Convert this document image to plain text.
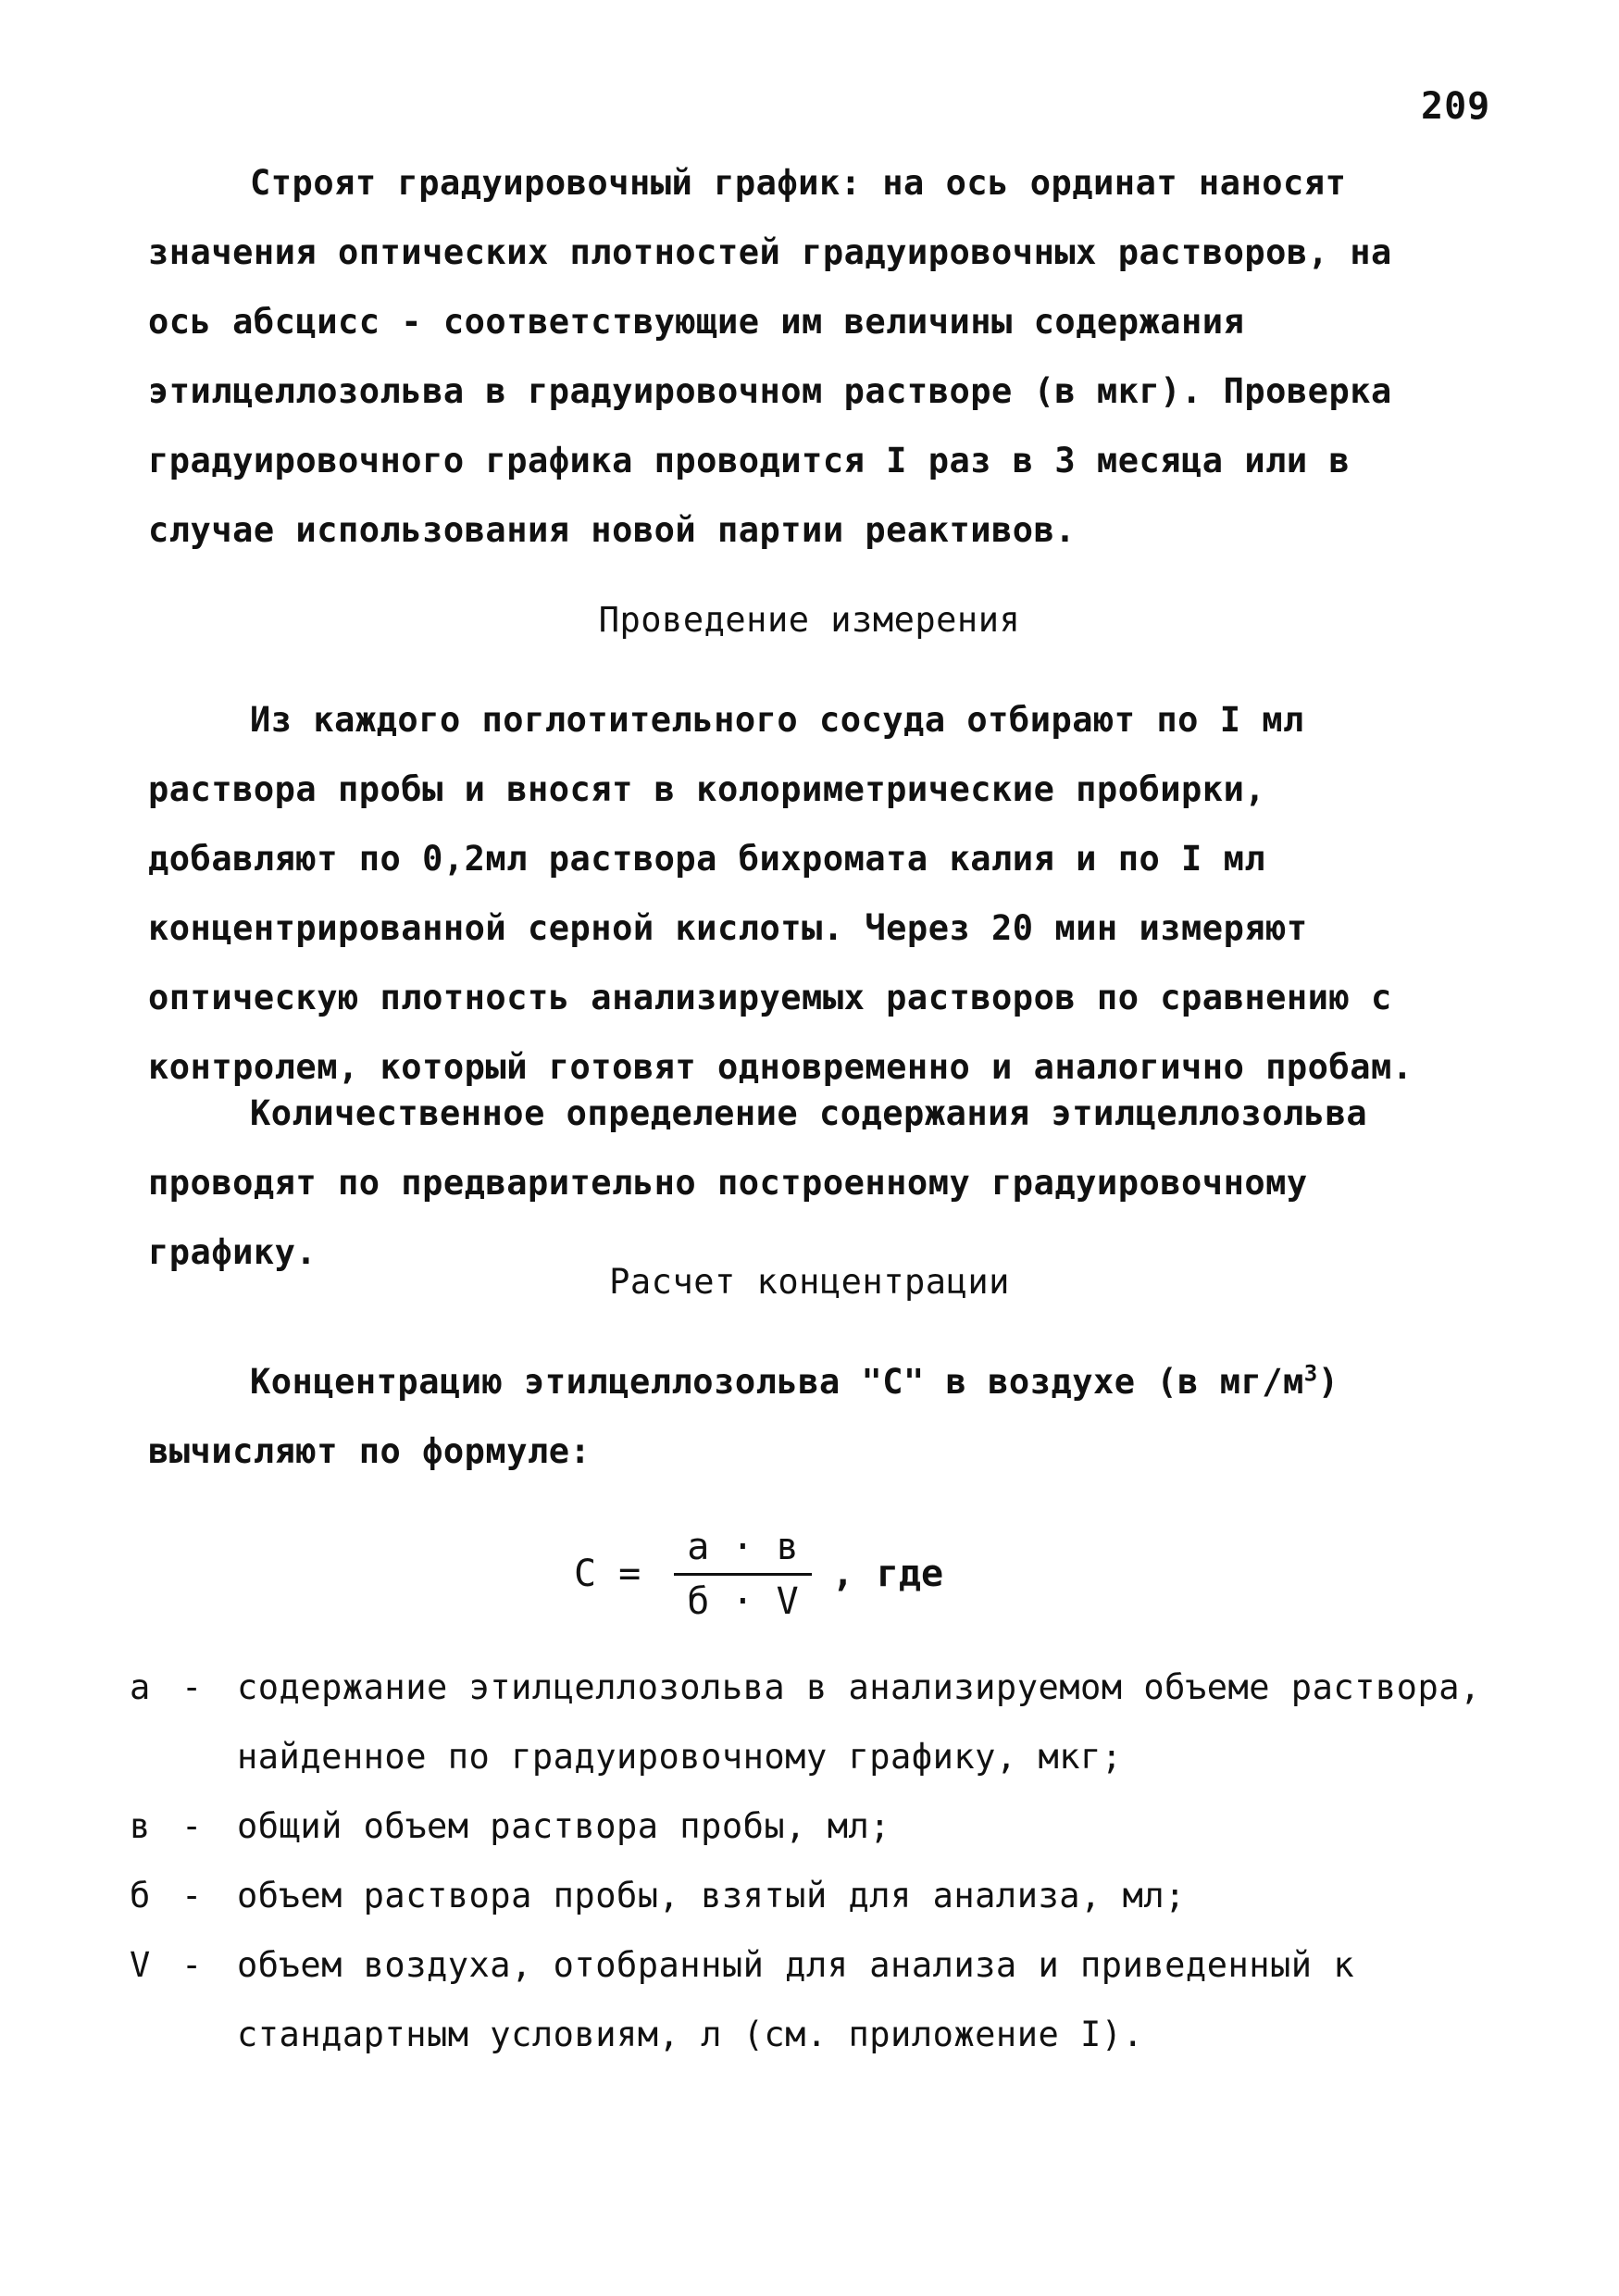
209
Строят градуировочный график: на ось ординат наносят значения оптических плотностей градуировочных растворов, на ось абсцисс - соответствующие им величины содержания этилцеллозольва в градуировочном растворе (в мкг). Проверка градуировочного графика проводится I раз в 3 месяца или в случае использования новой партии реактивов.
Проведение измерения
Из каждого поглотительного сосуда отбирают по I мл раствора пробы и вносят в колориметрические пробирки, добавляют по 0,2мл раствора бихромата калия и по I мл концентрированной серной кислоты. Через 20 мин измеряют оптическую плотность анализируемых растворов по сравнению с контролем, который готовят одновременно и аналогично пробам.
Количественное определение содержания этилцеллозольва проводят по предварительно построенному градуировочному графику.
Расчет концентрации
Концентрацию этилцеллозольва "С" в воздухе (в $мг/м^3$) вычисляют по формуле:
$С = \frac{а \cdot в}{б \cdot V}$ , где
а -	содержание этилцеллозольва в анализируемом объеме раствора, найденное по градуировочному графику, мкг;
в -	общий объем раствора пробы, мл;
б -	объем раствора пробы, взятый для анализа, мл;
V -	объем воздуха, отобранный для анализа и приведенный к стандартным условиям, л (см. приложение I).
